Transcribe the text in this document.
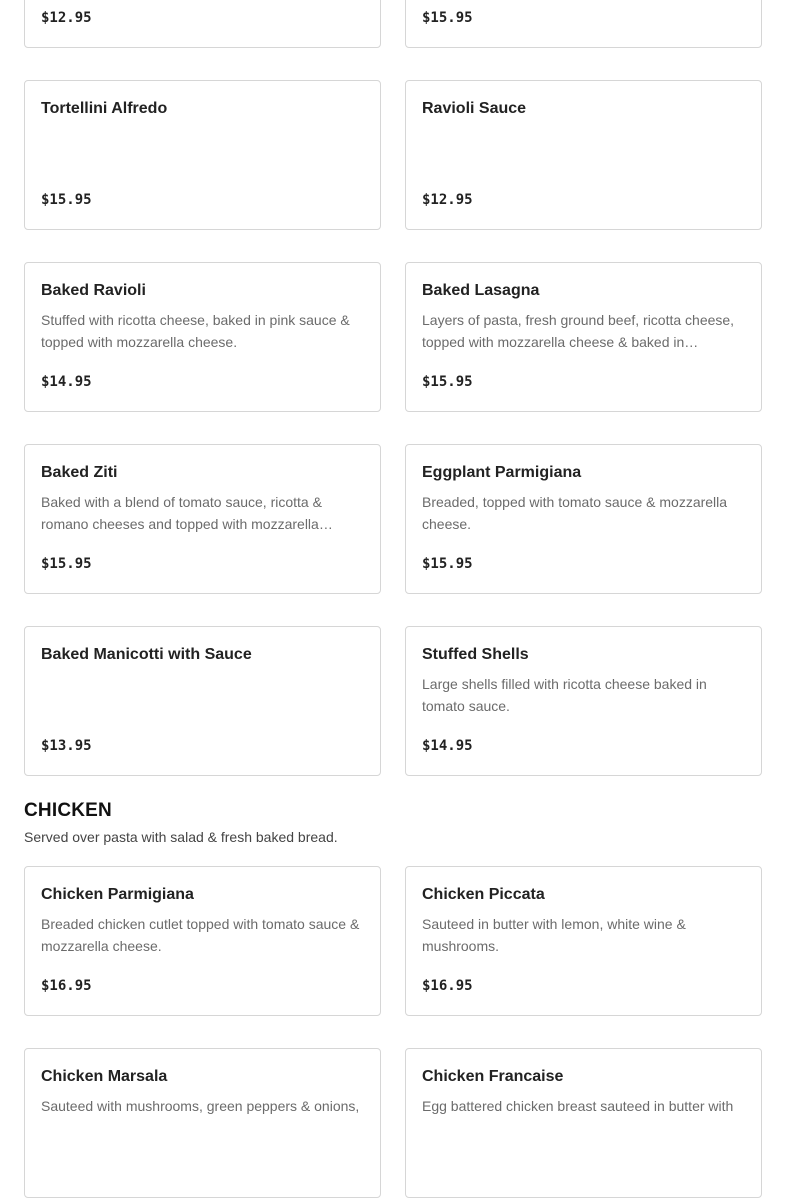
$12.95	$15.95
Tortellini Alfredo
$15.95
Ravioli Sauce
$12.95
Baked Ravioli
Stuffed with ricotta cheese, baked in pink sauce & topped with mozzarella cheese.
$14.95
Baked Lasagna
Layers of pasta, fresh ground beef, ricotta cheese, topped with mozzarella cheese & baked in…
$15.95
Baked Ziti
Baked with a blend of tomato sauce, ricotta & romano cheeses and topped with mozzarella…
$15.95
Eggplant Parmigiana
Breaded, topped with tomato sauce & mozzarella cheese.
$15.95
Baked Manicotti with Sauce
$13.95
Stuffed Shells
Large shells filled with ricotta cheese baked in tomato sauce.
$14.95
CHICKEN
Served over pasta with salad & fresh baked bread.
Chicken Parmigiana
Breaded chicken cutlet topped with tomato sauce & mozzarella cheese.
$16.95
Chicken Piccata
Sauteed in butter with lemon, white wine & mushrooms.
$16.95
Chicken Marsala
Sauteed with mushrooms, green peppers & onions,
Chicken Francaise
Egg battered chicken breast sauteed in butter with
